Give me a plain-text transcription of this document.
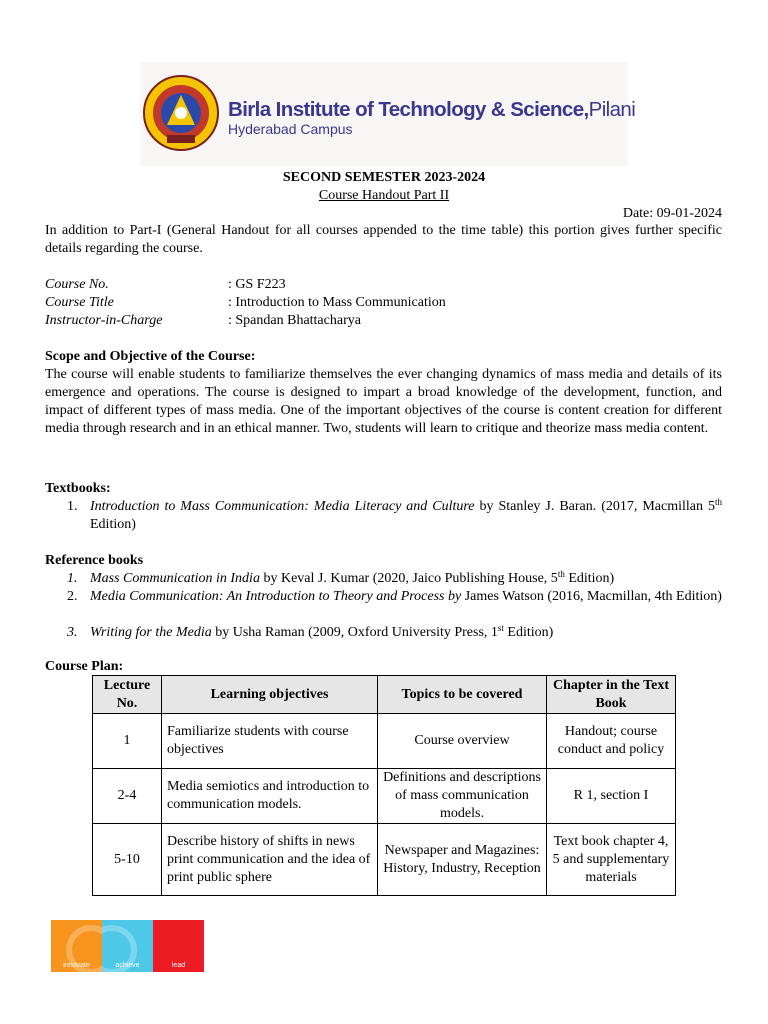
Birla Institute of Technology & Science,Pilani
Hyderabad Campus
SECOND SEMESTER 2023-2024
Course Handout Part II
Date: 09-01-2024
In addition to Part-I (General Handout for all courses appended to the time table) this portion gives further specific details regarding the course.
Course No.	: GS F223
Course Title	: Introduction to Mass Communication
Instructor-in-Charge	: Spandan Bhattacharya
Scope and Objective of the Course:
The course will enable students to familiarize themselves the ever changing dynamics of mass media and details of its emergence and operations. The course is designed to impart a broad knowledge of the development, function, and impact of different types of mass media. One of the important objectives of the course is content creation for different media through research and in an ethical manner. Two, students will learn to critique and theorize mass media content.
Textbooks:
1. Introduction to Mass Communication: Media Literacy and Culture by Stanley J. Baran. (2017, Macmillan 5th Edition)
Reference books
1. Mass Communication in India by Keval J. Kumar (2020, Jaico Publishing House, 5th Edition)
2. Media Communication: An Introduction to Theory and Process by James Watson (2016, Macmillan, 4th Edition)
3. Writing for the Media by Usha Raman (2009, Oxford University Press, 1st Edition)
Course Plan:
Lecture No.	Learning objectives	Topics to be covered	Chapter in the Text Book
1	Familiarize students with course objectives	Course overview	Handout; course conduct and policy
2-4	Media semiotics and introduction to communication models.	Definitions and descriptions of mass communication models.	R 1, section I
5-10	Describe history of shifts in news print communication and the idea of print public sphere	Newspaper and Magazines: History, Industry, Reception	Text book chapter 4, 5 and supplementary materials
innovate	achieve	lead
